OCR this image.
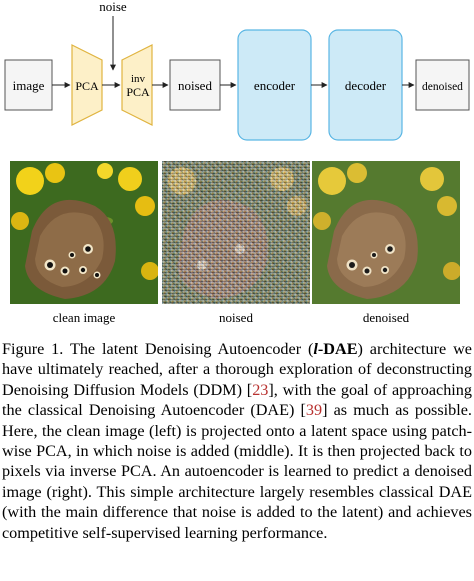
noise
image	PCA	inv
PCA noised	encoder	decoder	denoised
clean image	noised	denoised

Figure 1. The latent Denoising Autoencoder (l-DAE) architecture we have ultimately reached, after a thorough exploration of deconstructing Denoising Diffusion Models (DDM) [23], with the goal of approaching the classical Denoising Autoencoder (DAE) [39] as much as possible. Here, the clean image (left) is projected onto a latent space using patch-wise PCA, in which noise is added (middle). It is then projected back to pixels via inverse PCA. An autoencoder is learned to predict a denoised image (right). This simple architecture largely resembles classical DAE (with the main difference that noise is added to the latent) and achieves competitive self-supervised learning performance.
